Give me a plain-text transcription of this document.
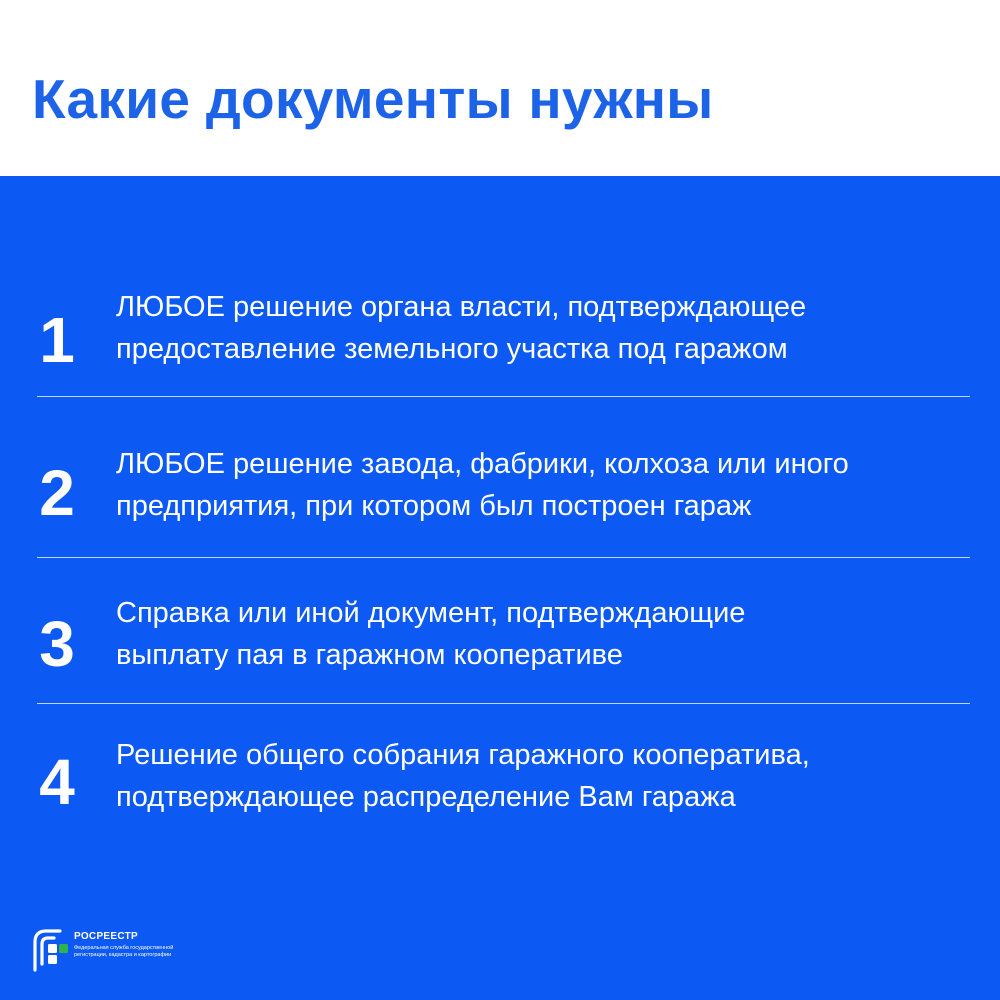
Какие документы нужны
1 ЛЮБОЕ решение органа власти, подтверждающее

предоставление земельного участка под гаражом

2 ЛЮБОЕ решение завода, фабрики, колхоза или иного

предприятия, при котором был построен гараж

3 Справка или иной документ, подтверждающие

выплату пая в гаражном кооперативе

4 Решение общего собрания гаражного кооператива,

подтверждающее распределение Вам гаража

РОСРЕЕСТР
Федеральная служба государственной регистрации, кадастра и картографии
